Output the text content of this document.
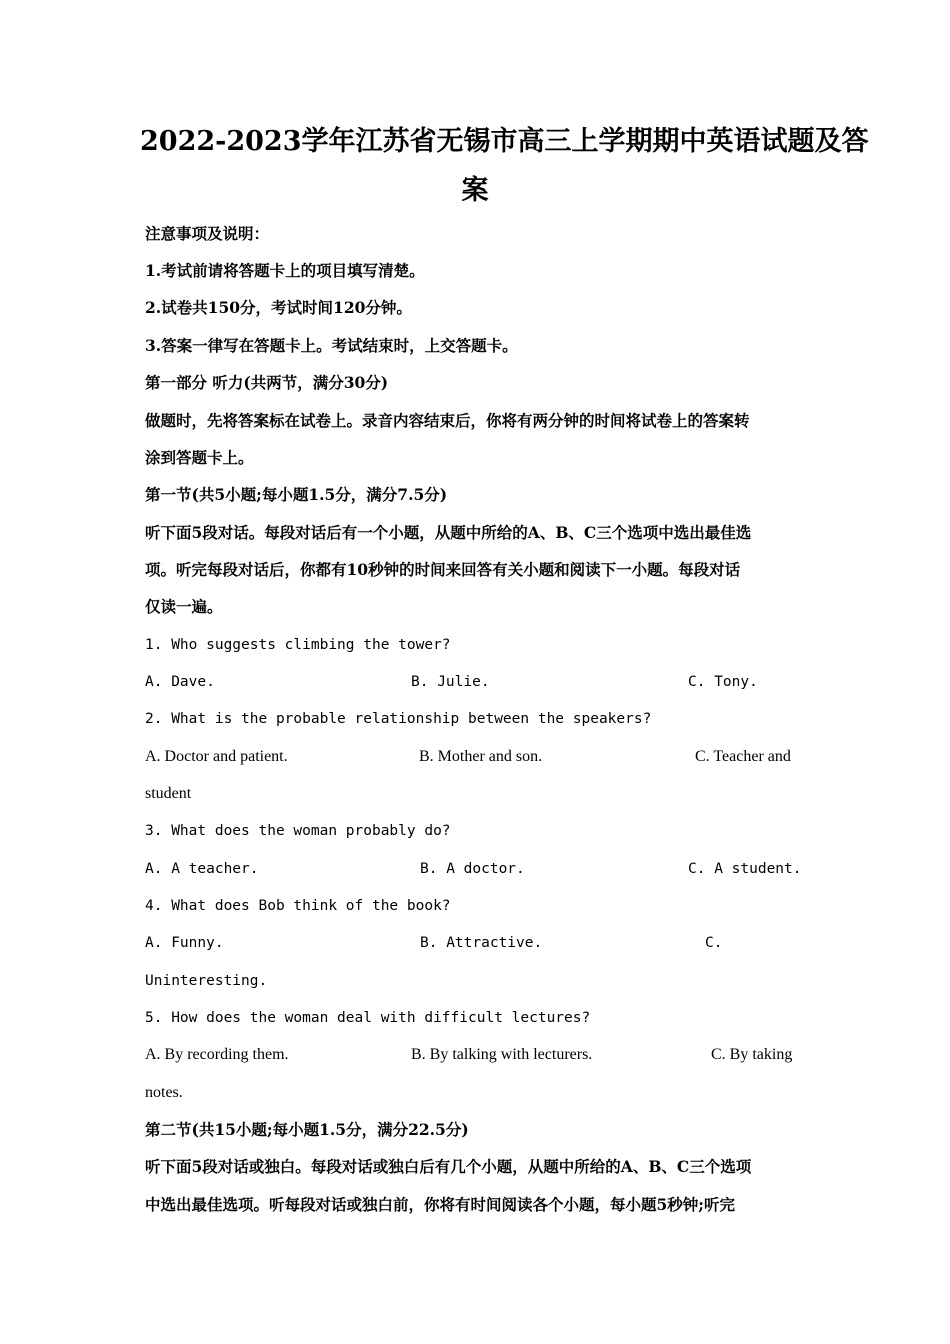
2022-2023学年江苏省无锡市高三上学期期中英语试题及答
案
注意事项及说明：
1.考试前请将答题卡上的项目填写清楚。
2.试卷共150分，考试时间120分钟。
3.答案一律写在答题卡上。考试结束时，上交答题卡。
第一部分 听力(共两节，满分30分)
做题时，先将答案标在试卷上。录音内容结束后，你将有两分钟的时间将试卷上的答案转
涂到答题卡上。
第一节(共5小题;每小题1.5分，满分7.5分)
听下面5段对话。每段对话后有一个小题，从题中所给的A、B、C三个选项中选出最佳选
项。听完每段对话后，你都有10秒钟的时间来回答有关小题和阅读下一小题。每段对话
仅读一遍。
1. Who suggests climbing the tower?
A. Dave.	B. Julie.	C. Tony.
2. What is the probable relationship between the speakers?
A. Doctor and patient.	B. Mother and son.	C. Teacher and
student
3. What does the woman probably do?
A. A teacher.	B. A doctor.	C. A student.
4. What does Bob think of the book?
A. Funny.	B. Attractive.	C.
Uninteresting.
5. How does the woman deal with difficult lectures?
A. By recording them.	B. By talking with lecturers.	C. By taking
notes.
第二节(共15小题;每小题1.5分，满分22.5分)
听下面5段对话或独白。每段对话或独白后有几个小题，从题中所给的A、B、C三个选项
中选出最佳选项。听每段对话或独白前，你将有时间阅读各个小题，每小题5秒钟;听完
